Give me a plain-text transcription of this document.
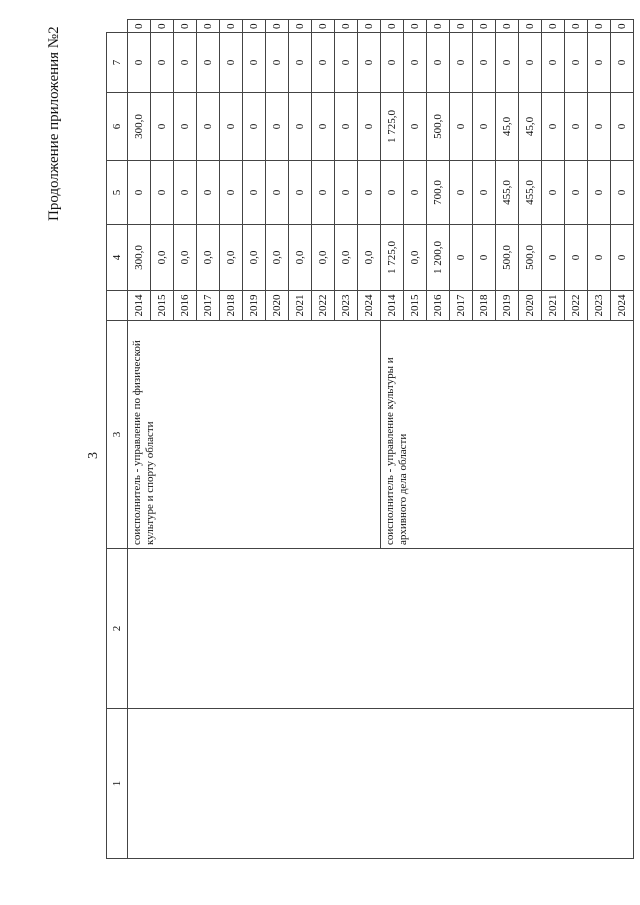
Продолжение приложения №2
3
1	2	3		4	5	6	7	
		соисполнитель - управление по физической культуре и спорту области	2014	300,0	0	300,0	0	0
			2015	0,0	0	0	0	0
			2016	0,0	0	0	0	0
			2017	0,0	0	0	0	0
			2018	0,0	0	0	0	0
			2019	0,0	0	0	0	0
			2020	0,0	0	0	0	0
			2021	0,0	0	0	0	0
			2022	0,0	0	0	0	0
			2023	0,0	0	0	0	0
			2024	0,0	0	0	0	0
		соисполнитель - управление культуры и архивного дела области	2014	1 725,0	0	1 725,0	0	0
			2015	0,0	0	0	0	0
			2016	1 200,0	700,0	500,0	0	0
			2017	0	0	0	0	0
			2018	0	0	0	0	0
			2019	500,0	455,0	45,0	0	0
			2020	500,0	455,0	45,0	0	0
			2021	0	0	0	0	0
			2022	0	0	0	0	0
			2023	0	0	0	0	0
			2024	0	0	0	0	0
